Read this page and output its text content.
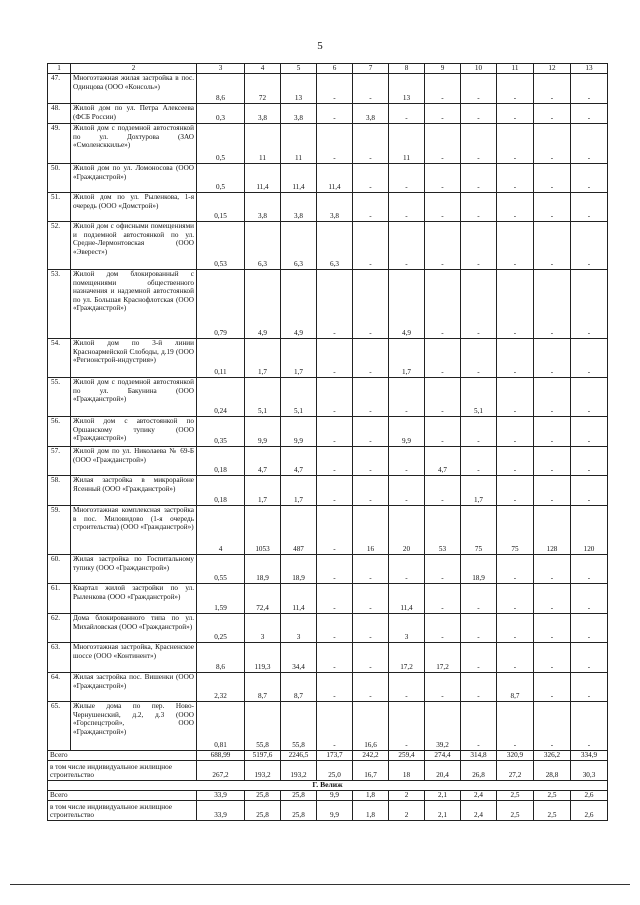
5
1	2	3	4	5	6	7	8	9	10	11	12	13
47.	Многоэтажная жилая застройка в пос. Одинцова (ООО «Консоль»)	8,6	72	13	-	-	13	-	-	-	-	-
48.	Жилой дом по ул. Петра Алексеева (ФСБ России)	0,3	3,8	3,8	-	3,8	-	-	-	-	-	-
49.	Жилой дом с подземной автостоянкой по ул. Дохтурова (ЗАО «Смоленсккилье»)	0,5	11	11	-	-	11	-	-	-	-	-
50.	Жилой дом по ул. Ломоносова (ООО «Гражданстрой»)	0,5	11,4	11,4	11,4	-	-	-	-	-	-	-
51.	Жилой дом по ул. Рыленкова, 1-я очередь (ООО «Домстрой»)	0,15	3,8	3,8	3,8	-	-	-	-	-	-	-
52.	Жилой дом с офисными помещениями и подземной автостоянкой по ул. Средне-Лермонтовская (ООО «Эверест»)	0,53	6,3	6,3	6,3	-	-	-	-	-	-	-
53.	Жилой дом блокированный с помещениями общественного назначения и надземной автостоянкой по ул. Большая Краснофлотская (ООО «Гражданстрой»)	0,79	4,9	4,9	-	-	4,9	-	-	-	-	-
54.	Жилой дом по 3-й линии Красноармейской Слободы, д.19 (ООО «Регионстрой-индустрия»)	0,11	1,7	1,7	-	-	1,7	-	-	-	-	-
55.	Жилой дом с подземной автостоянкой по ул. Бакунина (ООО «Гражданстрой»)	0,24	5,1	5,1	-	-	-	-	5,1	-	-	-
56.	Жилой дом с автостоянкой по Оршанскому тупику (ООО «Гражданстрой»)	0,35	9,9	9,9	-	-	9,9	-	-	-	-	-
57.	Жилой дом по ул. Николаева № 69-Б (ООО «Гражданстрой»)	0,18	4,7	4,7	-	-	-	4,7	-	-	-	-
58.	Жилая застройка в микрорайоне Ясенный (ООО «Гражданстрой»)	0,18	1,7	1,7	-	-	-	-	1,7	-	-	-
59.	Многоэтажная комплексная застройка в пос. Миловидово (1-я очередь строительства) (ООО «Гражданстрой»)	4	1053	487	-	16	20	53	75	75	128	120
60.	Жилая застройка по Госпитальному тупику (ООО «Гражданстрой»)	0,55	18,9	18,9	-	-	-	-	18,9	-	-	-
61.	Квартал жилой застройки по ул. Рыленкова (ООО «Гражданстрой»)	1,59	72,4	11,4	-	-	11,4	-	-	-	-	-
62.	Дома блокированного типа по ул. Михайловская (ООО «Гражданстрой»)	0,25	3	3	-	-	3	-	-	-	-	-
63.	Многоэтажная застройка, Красненское шоссе (ООО «Континент»)	8,6	119,3	34,4	-	-	17,2	17,2	-	-	-	-
64.	Жилая застройка пос. Вишенки (ООО «Гражданстрой»)	2,32	8,7	8,7	-	-	-	-	-	8,7	-	-
65.	Жилые дома по пер. Ново-Чернушенский, д.2, д.3 (ООО «Горспецстрой», ООО «Гражданстрой»)	0,81	55,8	55,8	-	16,6	-	39,2	-	-	-	-
Всего		688,99	5197,6	2246,5	173,7	242,2	259,4	274,4	314,8	320,9	326,2	334,9
в том числе индивидуальное жилищное строительство		267,2	193,2	193,2	25,0	16,7	18	20,4	26,8	27,2	28,8	30,3
Г. Велиж												
Всего		33,9	25,8	25,8	9,9	1,8	2	2,1	2,4	2,5	2,5	2,6
в том числе индивидуальное жилищное строительство		33,9	25,8	25,8	9,9	1,8	2	2,1	2,4	2,5	2,5	2,6
